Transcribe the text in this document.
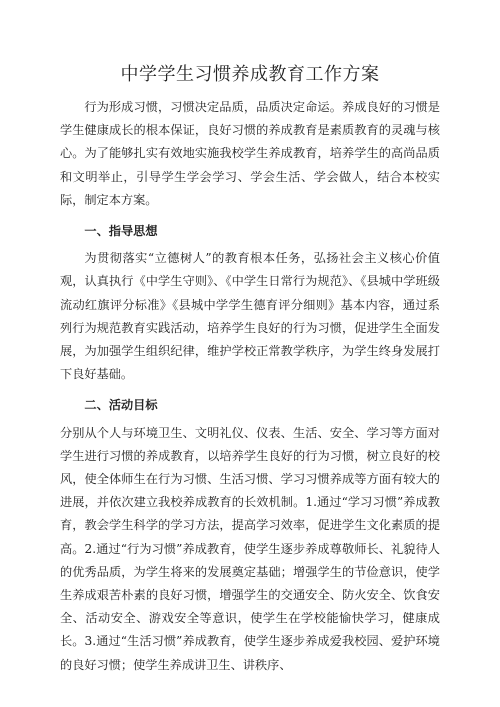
中学学生习惯养成教育工作方案

行为形成习惯，习惯决定品质，品质决定命运。养成良好的习惯是学生健康成长的根本保证，良好习惯的养成教育是素质教育的灵魂与核心。为了能够扎实有效地实施我校学生养成教育，培养学生的高尚品质和文明举止，引导学生学会学习、学会生活、学会做人，结合本校实际，制定本方案。

一、指导思想

为贯彻落实“立德树人”的教育根本任务，弘扬社会主义核心价值观，认真执行《中学生守则》、《中学生日常行为规范》、《县城中学班级流动红旗评分标准》《县城中学学生德育评分细则》基本内容，通过系列行为规范教育实践活动，培养学生良好的行为习惯，促进学生全面发展，为加强学生组织纪律，维护学校正常教学秩序，为学生终身发展打下良好基础。

二、活动目标

分别从个人与环境卫生、文明礼仪、仪表、生活、安全、学习等方面对学生进行习惯的养成教育，以培养学生良好的行为习惯，树立良好的校风，使全体师生在行为习惯、生活习惯、学习习惯养成等方面有较大的进展，并依次建立我校养成教育的长效机制。1.通过“学习习惯”养成教育，教会学生科学的学习方法，提高学习效率，促进学生文化素质的提高。2.通过“行为习惯”养成教育，使学生逐步养成尊敬师长、礼貌待人的优秀品质，为学生将来的发展奠定基础；增强学生的节俭意识，使学生养成艰苦朴素的良好习惯，增强学生的交通安全、防火安全、饮食安全、活动安全、游戏安全等意识，使学生在学校能愉快学习，健康成长。3.通过“生活习惯”养成教育，使学生逐步养成爱我校园、爱护环境的良好习惯；使学生养成讲卫生、讲秩序、
